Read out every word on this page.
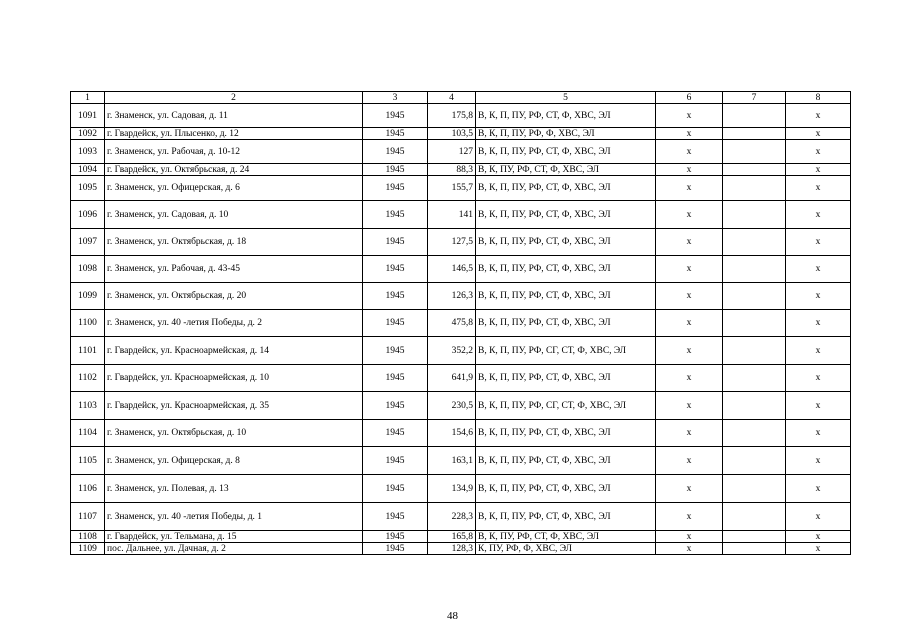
1	2	3	4	5	6	7	8
1091	г. Знаменск, ул. Садовая, д. 11	1945	175,8	В, К, П, ПУ, РФ, СТ, Ф, ХВС, ЭЛ	x		x
1092	г. Гвардейск, ул. Плысенко, д. 12	1945	103,5	В, К, П, ПУ, РФ, Ф, ХВС, ЭЛ	x		x
1093	г. Знаменск, ул. Рабочая, д. 10-12	1945	127	В, К, П, ПУ, РФ, СТ, Ф, ХВС, ЭЛ	x		x
1094	г. Гвардейск, ул. Октябрьская, д. 24	1945	88,3	В, К, ПУ, РФ, СТ, Ф, ХВС, ЭЛ	x		x
1095	г. Знаменск, ул. Офицерская, д. 6	1945	155,7	В, К, П, ПУ, РФ, СТ, Ф, ХВС, ЭЛ	x		x
1096	г. Знаменск, ул. Садовая, д. 10	1945	141	В, К, П, ПУ, РФ, СТ, Ф, ХВС, ЭЛ	x		x
1097	г. Знаменск, ул. Октябрьская, д. 18	1945	127,5	В, К, П, ПУ, РФ, СТ, Ф, ХВС, ЭЛ	x		x
1098	г. Знаменск, ул. Рабочая, д. 43-45	1945	146,5	В, К, П, ПУ, РФ, СТ, Ф, ХВС, ЭЛ	x		x
1099	г. Знаменск, ул. Октябрьская, д. 20	1945	126,3	В, К, П, ПУ, РФ, СТ, Ф, ХВС, ЭЛ	x		x
1100	г. Знаменск, ул. 40 -летия Победы, д. 2	1945	475,8	В, К, П, ПУ, РФ, СТ, Ф, ХВС, ЭЛ	x		x
1101	г. Гвардейск, ул. Красноармейская, д. 14	1945	352,2	В, К, П, ПУ, РФ, СГ, СТ, Ф, ХВС, ЭЛ	x		x
1102	г. Гвардейск, ул. Красноармейская, д. 10	1945	641,9	В, К, П, ПУ, РФ, СТ, Ф, ХВС, ЭЛ	x		x
1103	г. Гвардейск, ул. Красноармейская, д. 35	1945	230,5	В, К, П, ПУ, РФ, СГ, СТ, Ф, ХВС, ЭЛ	x		x
1104	г. Знаменск, ул. Октябрьская, д. 10	1945	154,6	В, К, П, ПУ, РФ, СТ, Ф, ХВС, ЭЛ	x		x
1105	г. Знаменск, ул. Офицерская, д. 8	1945	163,1	В, К, П, ПУ, РФ, СТ, Ф, ХВС, ЭЛ	x		x
1106	г. Знаменск, ул. Полевая, д. 13	1945	134,9	В, К, П, ПУ, РФ, СТ, Ф, ХВС, ЭЛ	x		x
1107	г. Знаменск, ул. 40 -летия Победы, д. 1	1945	228,3	В, К, П, ПУ, РФ, СТ, Ф, ХВС, ЭЛ	x		x
1108	г. Гвардейск, ул. Тельмана, д. 15	1945	165,8	В, К, ПУ, РФ, СТ, Ф, ХВС, ЭЛ	x		x
1109	пос. Дальнее, ул. Дачная, д. 2	1945	128,3	К, ПУ, РФ, Ф, ХВС, ЭЛ	x		x
48
